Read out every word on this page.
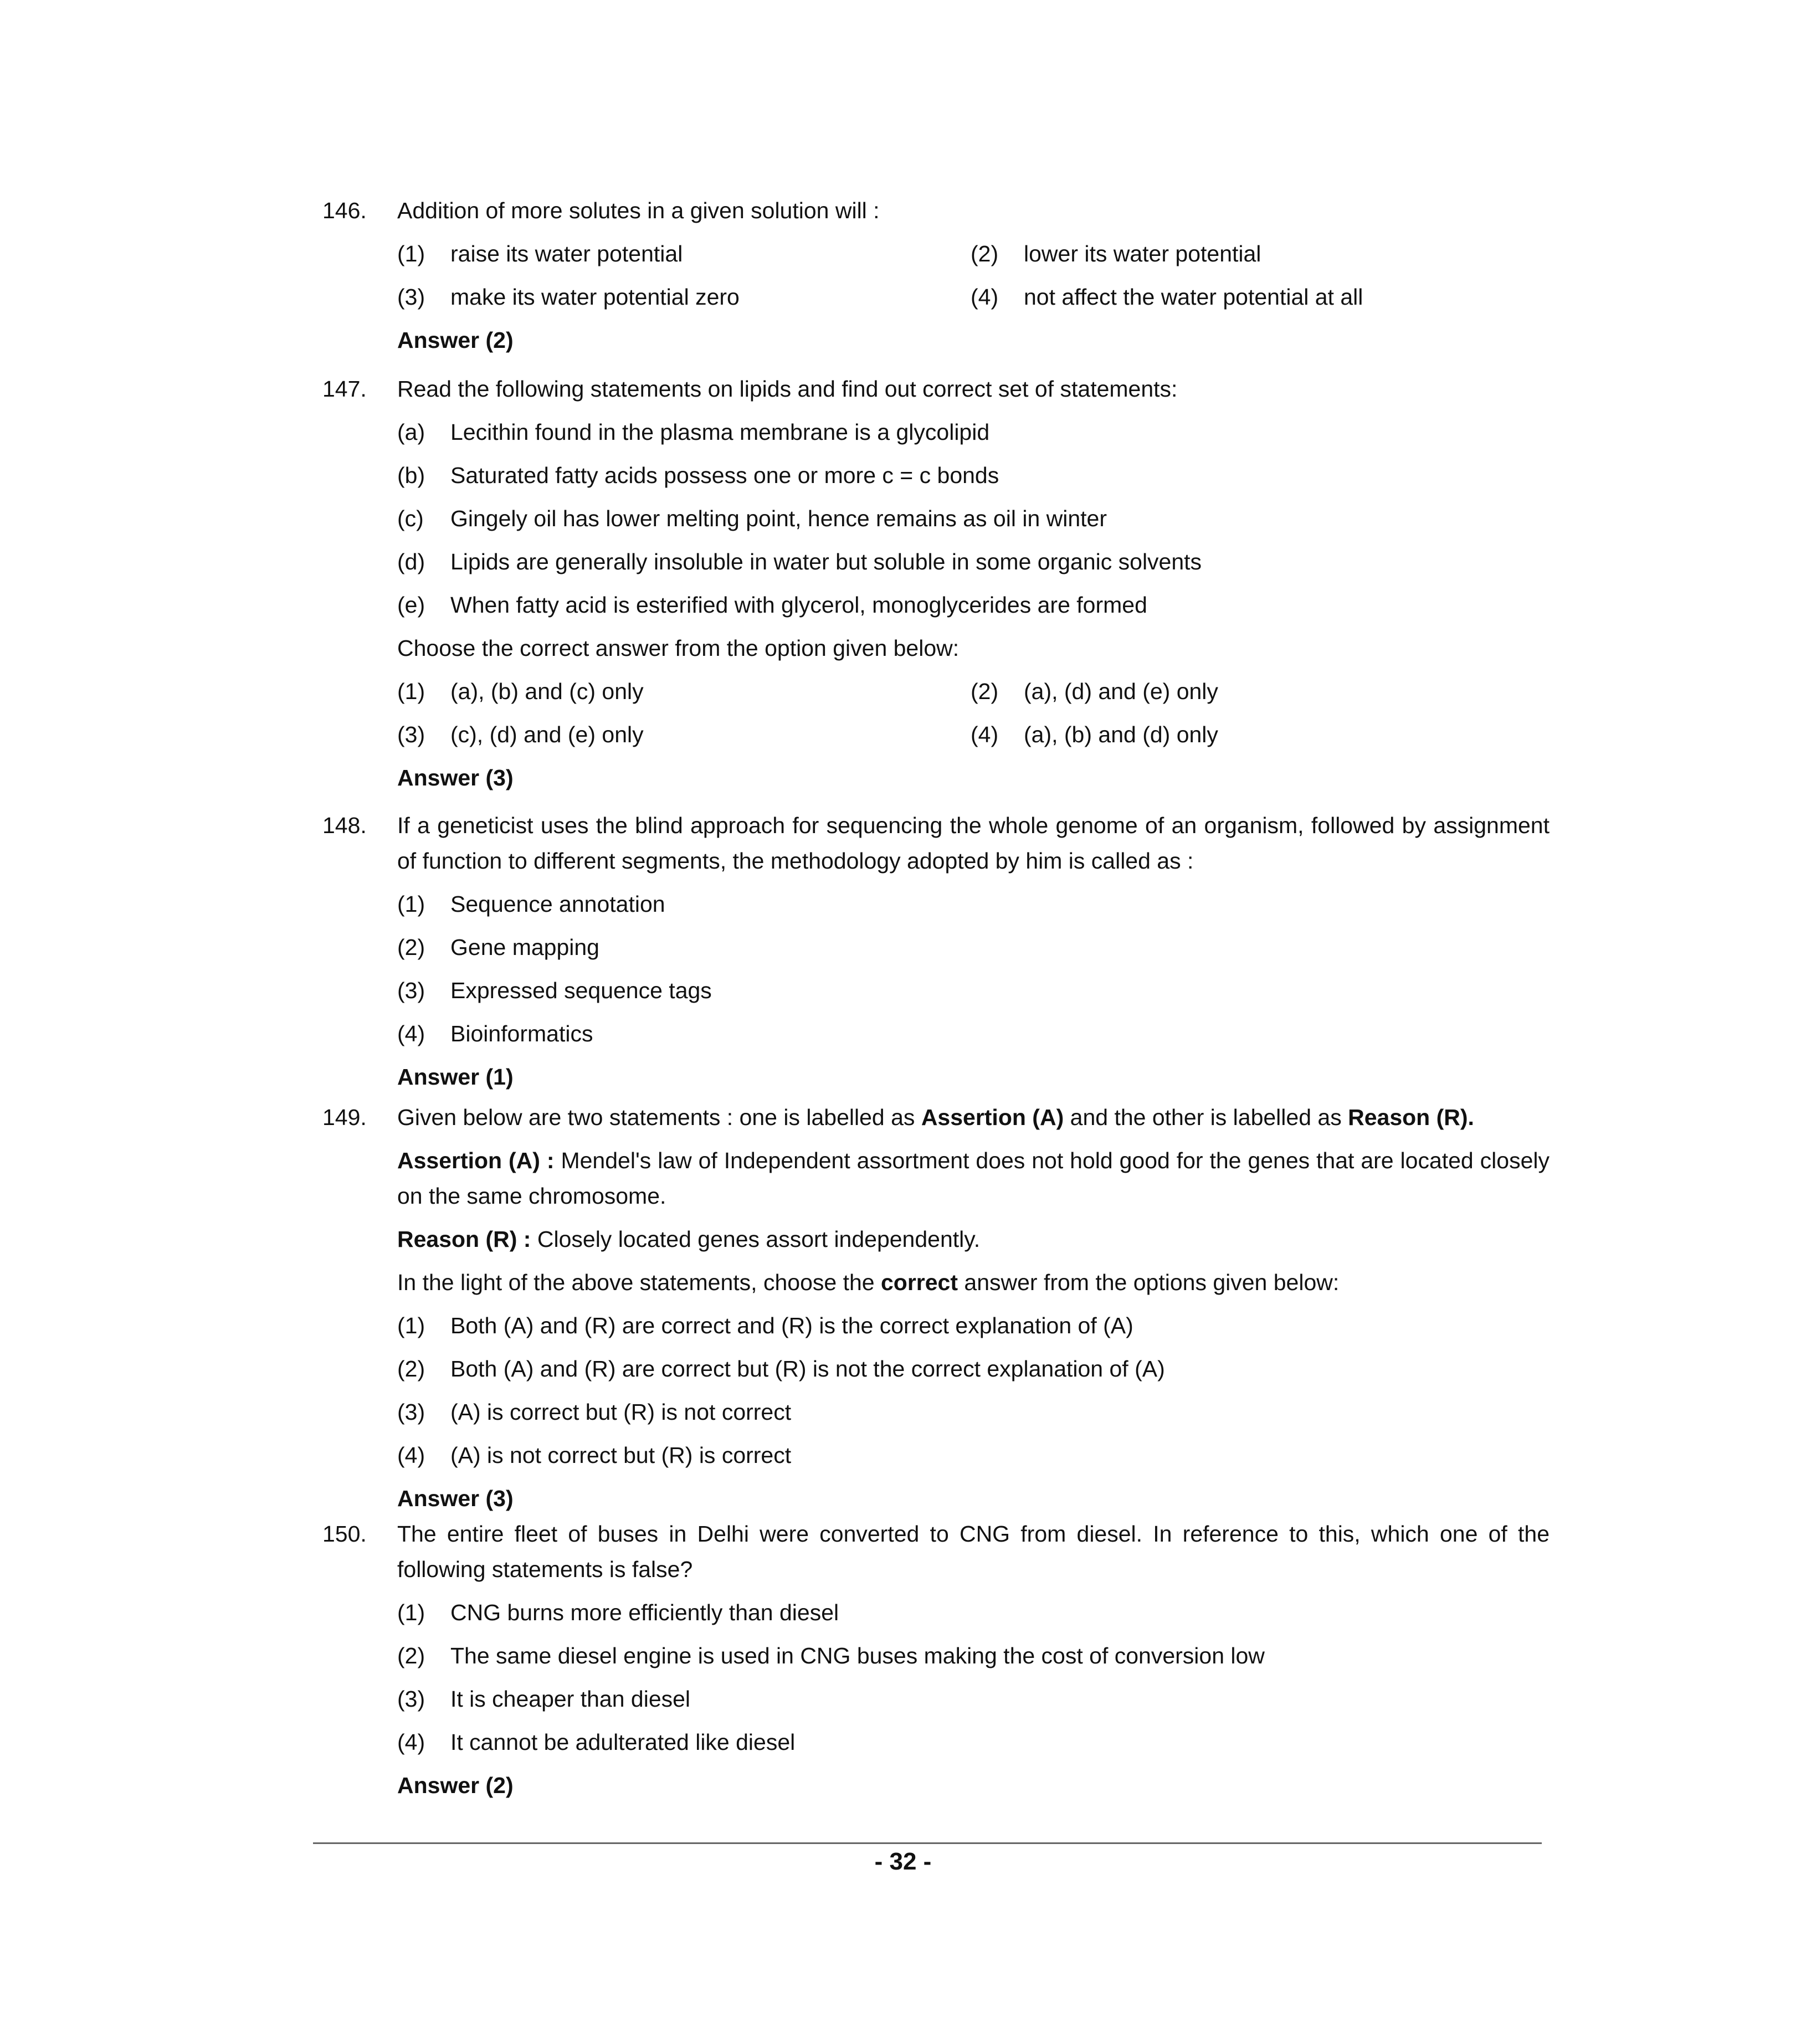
146.	Addition of more solutes in a given solution will :
(1)	raise its water potential	(2)	lower its water potential
(3)	make its water potential zero	(4)	not affect the water potential at all
Answer (2)
147.	Read the following statements on lipids and find out correct set of statements:
(a)	Lecithin found in the plasma membrane is a glycolipid
(b)	Saturated fatty acids possess one or more c = c bonds
(c)	Gingely oil has lower melting point, hence remains as oil in winter
(d)	Lipids are generally insoluble in water but soluble in some organic solvents
(e)	When fatty acid is esterified with glycerol, monoglycerides are formed
Choose the correct answer from the option given below:
(1)	(a), (b) and (c) only	(2)	(a), (d) and (e) only
(3)	(c), (d) and (e) only	(4)	(a), (b) and (d) only
Answer (3)
148.	If a geneticist uses the blind approach for sequencing the whole genome of an organism, followed by assignment of function to different segments, the methodology adopted by him is called as :
(1)	Sequence annotation
(2)	Gene mapping
(3)	Expressed sequence tags
(4)	Bioinformatics
Answer (1)
149.	Given below are two statements : one is labelled as Assertion (A) and the other is labelled as Reason (R).
Assertion (A) : Mendel's law of Independent assortment does not hold good for the genes that are located closely on the same chromosome.
Reason (R) : Closely located genes assort independently.
In the light of the above statements, choose the correct answer from the options given below:
(1)	Both (A) and (R) are correct and (R) is the correct explanation of (A)
(2)	Both (A) and (R) are correct but (R) is not the correct explanation of (A)
(3)	(A) is correct but (R) is not correct
(4)	(A) is not correct but (R) is correct
Answer (3)
150.	The entire fleet of buses in Delhi were converted to CNG from diesel. In reference to this, which one of the following statements is false?
(1)	CNG burns more efficiently than diesel
(2)	The same diesel engine is used in CNG buses making the cost of conversion low
(3)	It is cheaper than diesel
(4)	It cannot be adulterated like diesel
Answer (2)
- 32 -
